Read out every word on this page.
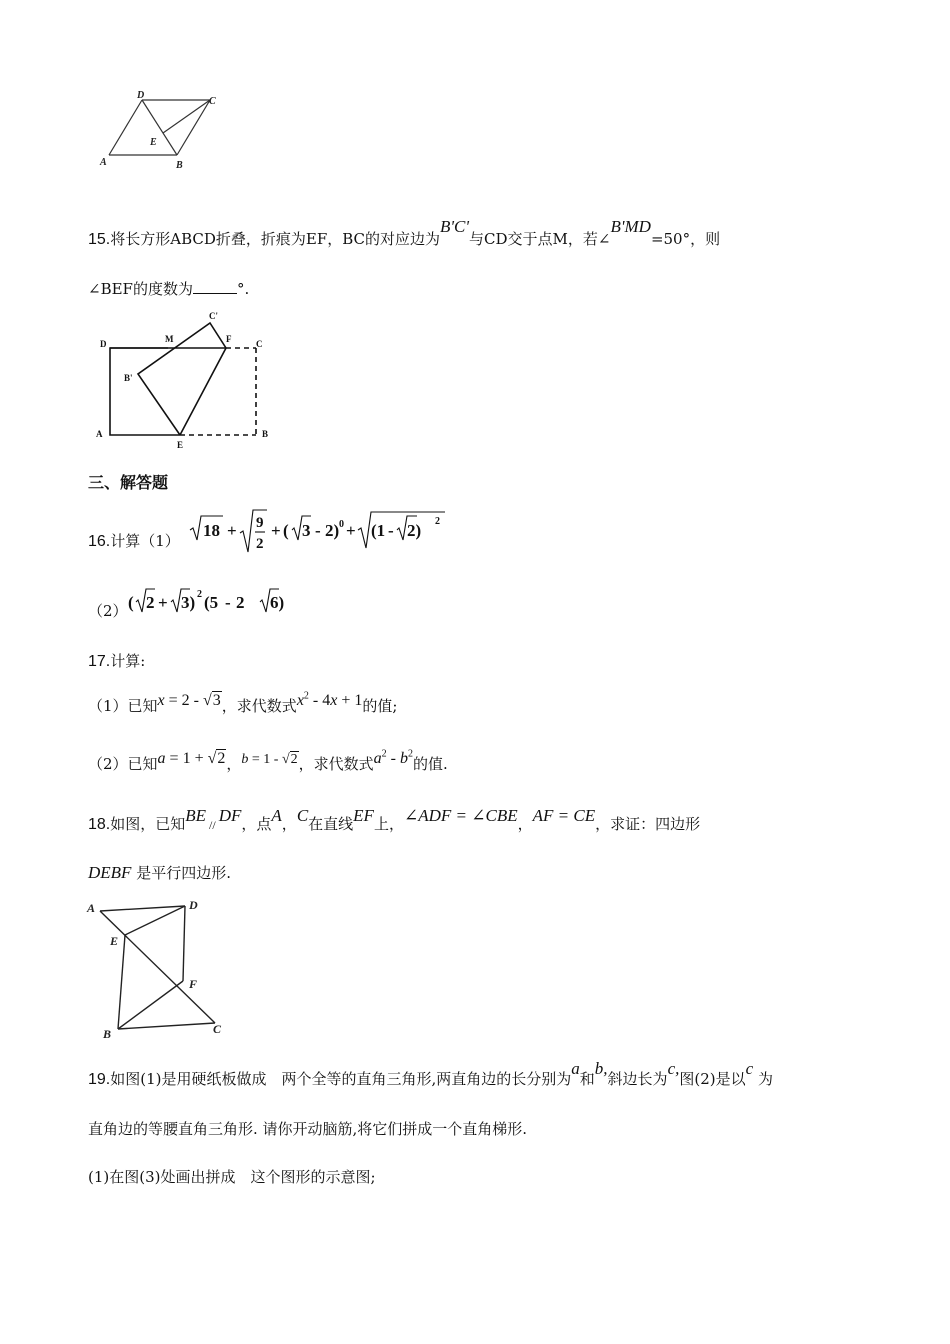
A	B
C
D
E
15.将长方形ABCD折叠，折痕为EF，BC的对应边为B'C'与CD交于点M，若∠B'MD=50°，则
∠BEF的度数为	°.
D	M	F	C
C'
B'
A
E
B
三、解答题
16.计算（1）
18 + 9
2
+ ( 3 - 2) 0 + (1 - 2) 2
（2） ( 2 + 3) 2 (5 - 2 6)
17.计算:
（1）已知x = 2 - √3，求代数式$x^2 - 4x + 1$的值;
（2）已知a = 1 + √2，b = 1 - √2，求代数式$a^2 - b^2$的值.
18.如图，已知BE // DF，点A，C在直线EF上，∠ADF = ∠CBE，AF = CE，求证：四边形
DEBF 是平行四边形.
A	D
E
F
B	C
19.如图(1)是用硬纸板做成　两个全等的直角三角形,两直角边的长分别为a和b,斜边长为c,图(2)是以c 为
直角边的等腰直角三角形. 请你开动脑筋,将它们拼成一个直角梯形.
(1)在图(3)处画出拼成　这个图形的示意图;
